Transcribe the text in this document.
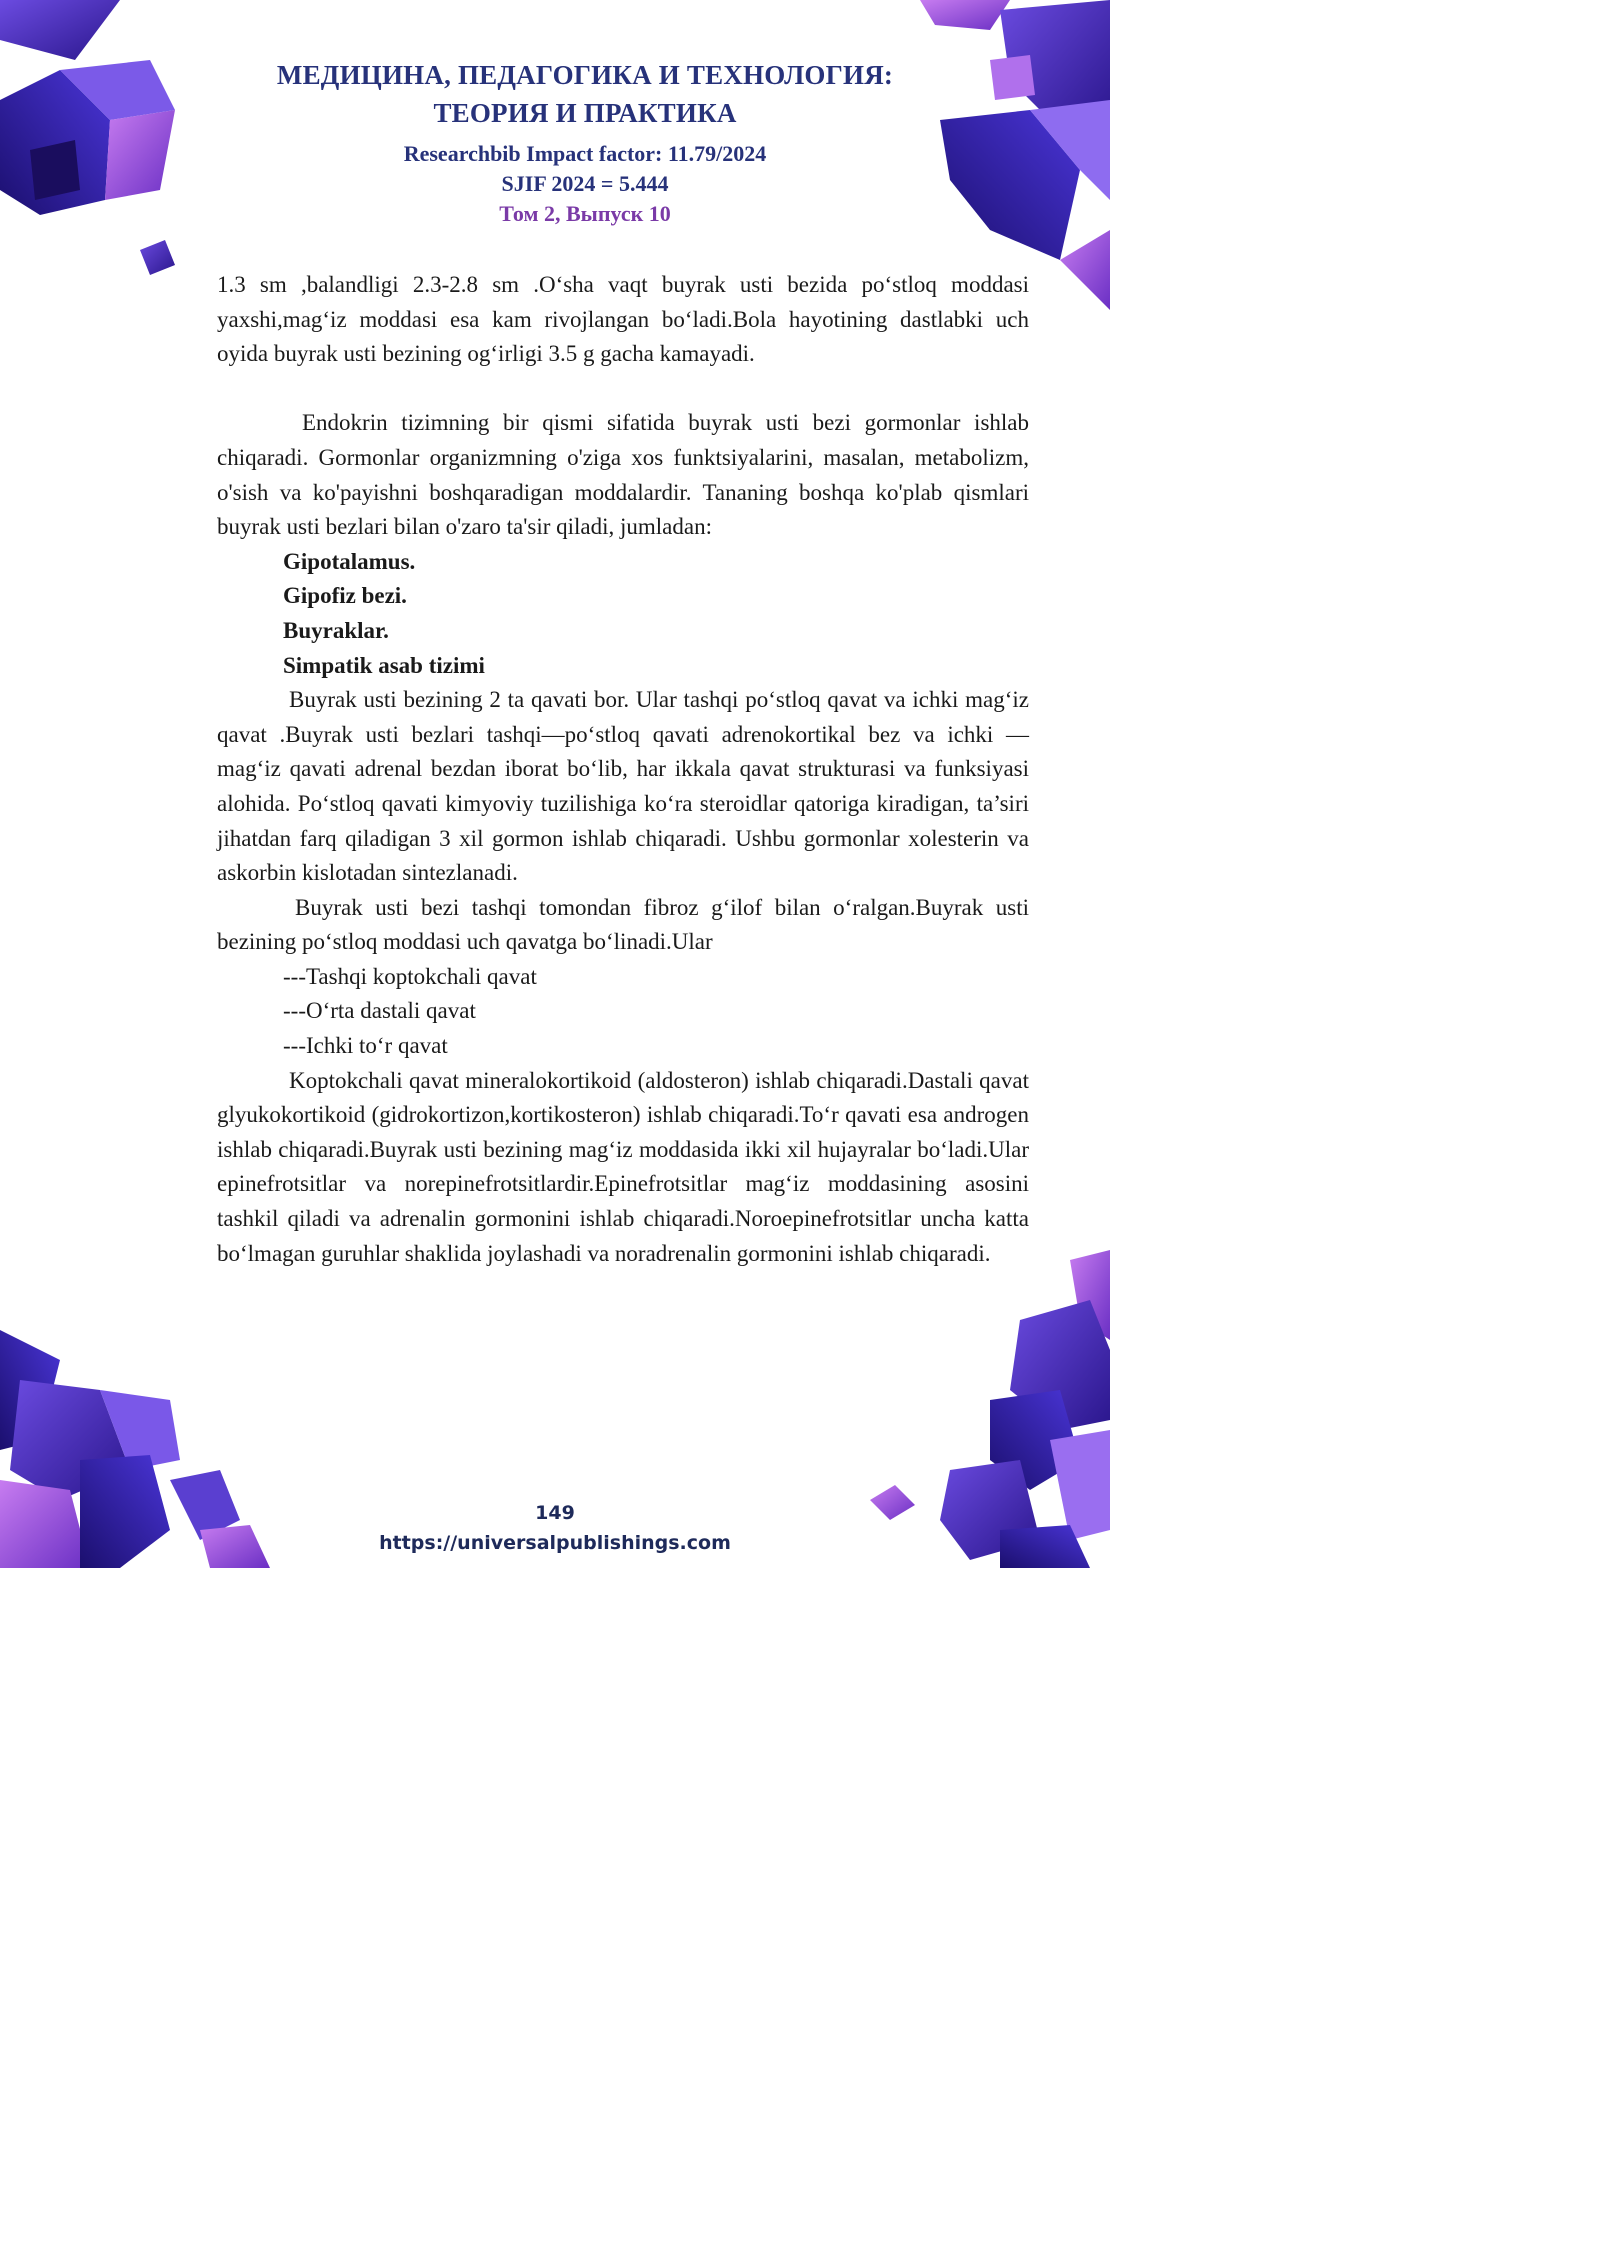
МЕДИЦИНА, ПЕДАГОГИКА И ТЕХНОЛОГИЯ:
ТЕОРИЯ И ПРАКТИКА
Researchbib Impact factor: 11.79/2024
SJIF 2024 = 5.444
Том 2, Выпуск 10

1.3 sm ,balandligi 2.3-2.8 sm .O‘sha vaqt buyrak usti bezida po‘stloq moddasi yaxshi,mag‘iz moddasi esa kam rivojlangan bo‘ladi.Bola hayotining dastlabki uch oyida buyrak usti bezining og‘irligi 3.5 g gacha kamayadi.

Endokrin tizimning bir qismi sifatida buyrak usti bezi gormonlar ishlab chiqaradi. Gormonlar organizmning o'ziga xos funktsiyalarini, masalan, metabolizm, o'sish va ko'payishni boshqaradigan moddalardir. Tananing boshqa ko'plab qismlari buyrak usti bezlari bilan o'zaro ta'sir qiladi, jumladan:

Gipotalamus.

Gipofiz bezi.

Buyraklar.

Simpatik asab tizimi

Buyrak usti bezining 2 ta qavati bor. Ular tashqi po‘stloq qavat va ichki mag‘iz qavat .Buyrak usti bezlari tashqi—po‘stloq qavati adrenokortikal bez va ichki — mag‘iz qavati adrenal bezdan iborat bo‘lib, har ikkala qavat strukturasi va funksiyasi alohida. Po‘stloq qavati kimyoviy tuzilishiga ko‘ra steroidlar qatoriga kiradigan, ta’siri jihatdan farq qiladigan 3 xil gormon ishlab chiqaradi. Ushbu gormonlar xolesterin va askorbin kislotadan sintezlanadi.

Buyrak usti bezi tashqi tomondan fibroz g‘ilof bilan o‘ralgan.Buyrak usti bezining po‘stloq moddasi uch qavatga bo‘linadi.Ular

---Tashqi koptokchali qavat

---O‘rta dastali qavat

---Ichki to‘r qavat

Koptokchali qavat mineralokortikoid (aldosteron) ishlab chiqaradi.Dastali qavat glyukokortikoid (gidrokortizon,kortikosteron) ishlab chiqaradi.To‘r qavati esa androgen ishlab chiqaradi.Buyrak usti bezining mag‘iz moddasida ikki xil hujayralar bo‘ladi.Ular epinefrotsitlar va norepinefrotsitlardir.Epinefrotsitlar mag‘iz moddasining asosini tashkil qiladi va adrenalin gormonini ishlab chiqaradi.Noroepinefrotsitlar uncha katta bo‘lmagan guruhlar shaklida joylashadi va noradrenalin gormonini ishlab chiqaradi.

149
https://universalpublishings.com
